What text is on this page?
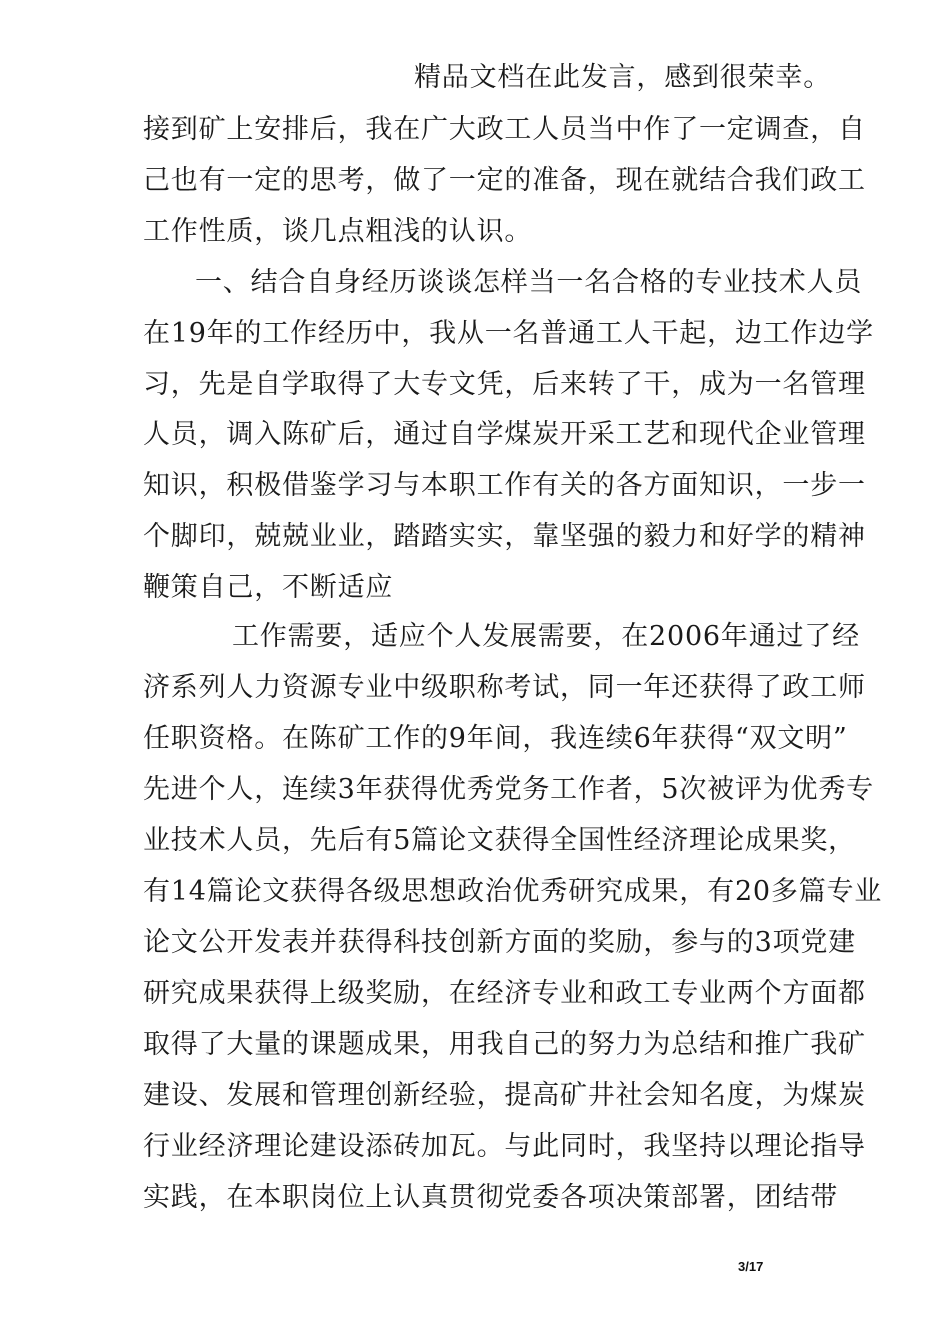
精品文档在此发言，感到很荣幸。
接到矿上安排后，我在广大政工人员当中作了一定调查，自
己也有一定的思考，做了一定的准备，现在就结合我们政工
工作性质，谈几点粗浅的认识。
一、结合自身经历谈谈怎样当一名合格的专业技术人员
在19年的工作经历中，我从一名普通工人干起，边工作边学
习，先是自学取得了大专文凭，后来转了干，成为一名管理
人员，调入陈矿后，通过自学煤炭开采工艺和现代企业管理
知识，积极借鉴学习与本职工作有关的各方面知识，一步一
个脚印，兢兢业业，踏踏实实，靠坚强的毅力和好学的精神
鞭策自己，不断适应
工作需要，适应个人发展需要，在2006年通过了经
济系列人力资源专业中级职称考试，同一年还获得了政工师
任职资格。在陈矿工作的9年间，我连续6年获得“双文明”
先进个人，连续3年获得优秀党务工作者，5次被评为优秀专
业技术人员，先后有5篇论文获得全国性经济理论成果奖，
有14篇论文获得各级思想政治优秀研究成果，有20多篇专业
论文公开发表并获得科技创新方面的奖励，参与的3项党建
研究成果获得上级奖励，在经济专业和政工专业两个方面都
取得了大量的课题成果，用我自己的努力为总结和推广我矿
建设、发展和管理创新经验，提高矿井社会知名度，为煤炭
行业经济理论建设添砖加瓦。与此同时，我坚持以理论指导
实践，在本职岗位上认真贯彻党委各项决策部署，团结带
3/17
